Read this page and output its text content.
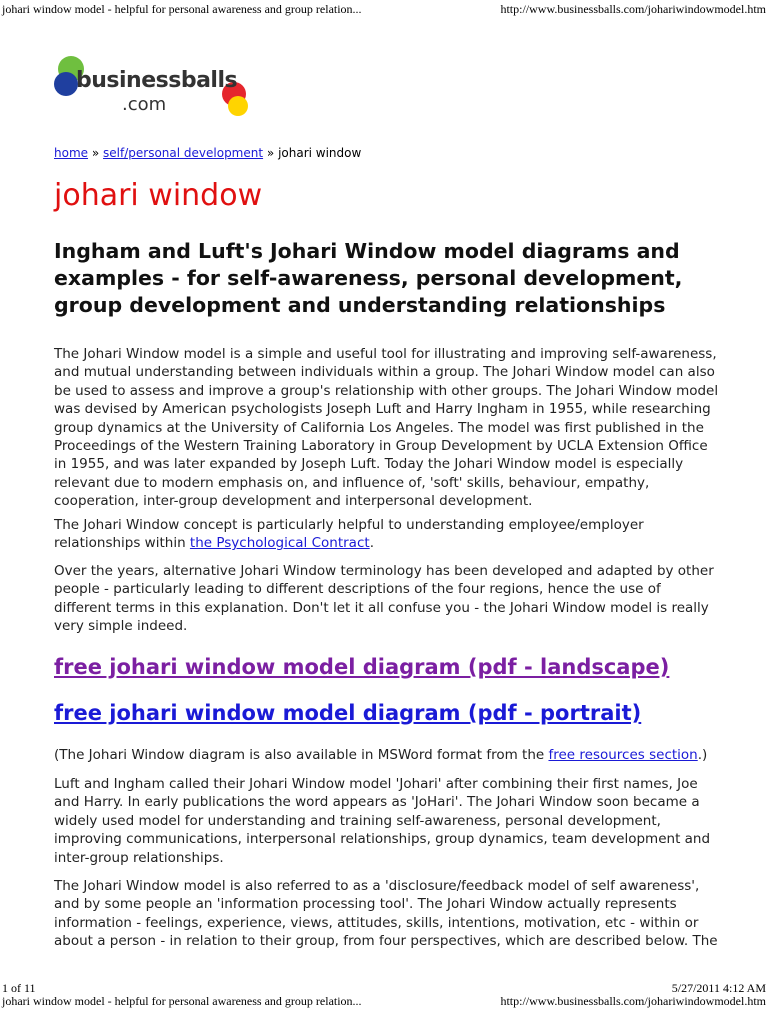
johari window model - helpful for personal awareness and group relation...	http://www.businessballs.com/johariwindowmodel.htm
businessballs
.com
home » self/personal development » johari window
johari window
Ingham and Luft's Johari Window model diagrams and examples - for self-awareness, personal development, group development and understanding relationships

The Johari Window model is a simple and useful tool for illustrating and improving self-awareness, and mutual understanding between individuals within a group. The Johari Window model can also be used to assess and improve a group's relationship with other groups. The Johari Window model was devised by American psychologists Joseph Luft and Harry Ingham in 1955, while researching group dynamics at the University of California Los Angeles. The model was first published in the Proceedings of the Western Training Laboratory in Group Development by UCLA Extension Office in 1955, and was later expanded by Joseph Luft. Today the Johari Window model is especially relevant due to modern emphasis on, and influence of, 'soft' skills, behaviour, empathy, cooperation, inter-group development and interpersonal development.

The Johari Window concept is particularly helpful to understanding employee/employer relationships within the Psychological Contract.

Over the years, alternative Johari Window terminology has been developed and adapted by other people - particularly leading to different descriptions of the four regions, hence the use of different terms in this explanation. Don't let it all confuse you - the Johari Window model is really very simple indeed.

free johari window model diagram (pdf - landscape)
free johari window model diagram (pdf - portrait)

(The Johari Window diagram is also available in MSWord format from the free resources section.)

Luft and Ingham called their Johari Window model 'Johari' after combining their first names, Joe and Harry. In early publications the word appears as 'JoHari'. The Johari Window soon became a widely used model for understanding and training self-awareness, personal development, improving communications, interpersonal relationships, group dynamics, team development and inter-group relationships.

The Johari Window model is also referred to as a 'disclosure/feedback model of self awareness', and by some people an 'information processing tool'. The Johari Window actually represents information - feelings, experience, views, attitudes, skills, intentions, motivation, etc - within or about a person - in relation to their group, from four perspectives, which are described below. The

1 of 11	5/27/2011 4:12 AM
johari window model - helpful for personal awareness and group relation...	http://www.businessballs.com/johariwindowmodel.htm
